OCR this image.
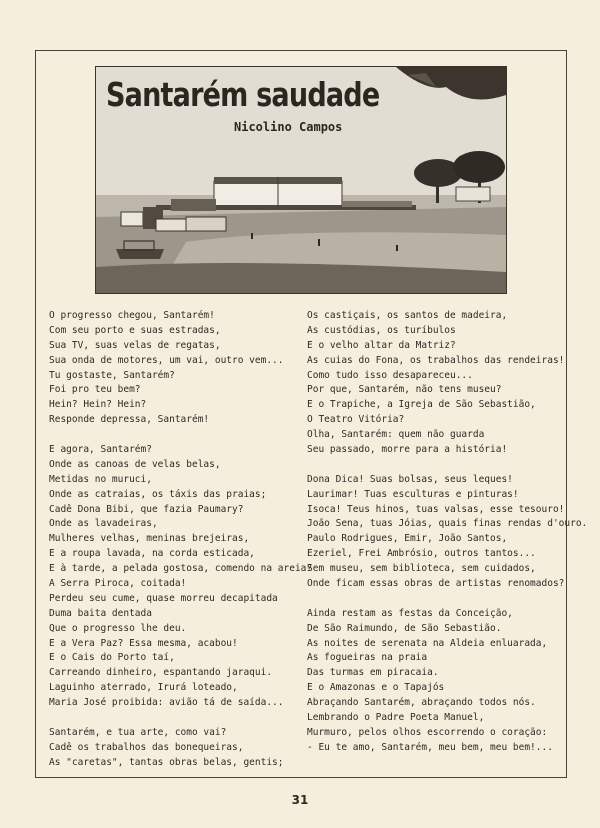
Santarém saudade
Nicolino Campos
O progresso chegou, Santarém!
Com seu porto e suas estradas,
Sua TV, suas velas de regatas,
Sua onda de motores, um vai, outro vem...
Tu gostaste, Santarém?
Foi pro teu bem?
Hein? Hein? Hein?
Responde depressa, Santarém!
E agora, Santarém?
Onde as canoas de velas belas,
Metidas no muruci,
Onde as catraias, os táxis das praias;
Cadê Dona Bibi, que fazia Paumary?
Onde as lavadeiras,
Mulheres velhas, meninas brejeiras,
E a roupa lavada, na corda esticada,
E à tarde, a pelada gostosa, comendo na areia?
A Serra Piroca, coitada!
Perdeu seu cume, quase morreu decapitada
Duma baita dentada
Que o progresso lhe deu.
E a Vera Paz? Essa mesma, acabou!
E o Cais do Porto taí,
Carreando dinheiro, espantando jaraqui.
Laguinho aterrado, Irurá loteado,
Maria José proibida: avião tá de saída...
Santarém, e tua arte, como vai?
Cadê os trabalhos das bonequeiras,
As "caretas", tantas obras belas, gentis;
Os castiçais, os santos de madeira,
As custódias, os turíbulos
E o velho altar da Matriz?
As cuias do Fona, os trabalhos das rendeiras!
Como tudo isso desapareceu...
Por que, Santarém, não tens museu?
E o Trapiche, a Igreja de São Sebastião,
O Teatro Vitória?
Olha, Santarém: quem não guarda
Seu passado, morre para a história!
Dona Dica! Suas bolsas, seus leques!
Laurimar! Tuas esculturas e pinturas!
Isoca! Teus hinos, tuas valsas, esse tesouro!
João Sena, tuas Jóias, quais finas rendas d'ouro.
Paulo Rodrigues, Emir, João Santos,
Ezeriel, Frei Ambrósio, outros tantos...
Sem museu, sem biblioteca, sem cuidados,
Onde ficam essas obras de artistas renomados?
Ainda restam as festas da Conceição,
De São Raimundo, de São Sebastião.
As noites de serenata na Aldeia enluarada,
As fogueiras na praia
Das turmas em piracaia.
E o Amazonas e o Tapajós
Abraçando Santarém, abraçando todos nós.
Lembrando o Padre Poeta Manuel,
Murmuro, pelos olhos escorrendo o coração:
- Eu te amo, Santarém, meu bem, meu bem!...
31
